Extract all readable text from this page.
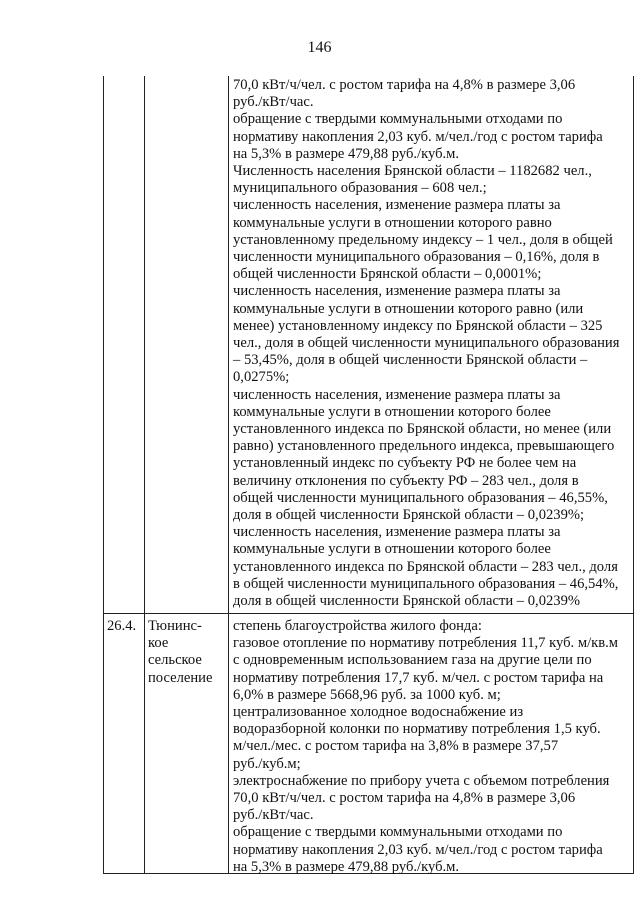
146
70,0 кВт/ч/чел. с ростом тарифа на 4,8% в размере 3,06
руб./кВт/час.
обращение с твердыми коммунальными отходами по
нормативу накопления 2,03 куб. м/чел./год с ростом тарифа
на 5,3% в размере 479,88 руб./куб.м.
Численность населения Брянской области – 1182682 чел.,
муниципального образования – 608 чел.;
численность населения, изменение размера платы за
коммунальные услуги в отношении которого равно
установленному предельному индексу – 1 чел., доля в общей
численности муниципального образования – 0,16%, доля в
общей численности Брянской области – 0,0001%;
численность населения, изменение размера платы за
коммунальные услуги в отношении которого равно (или
менее) установленному индексу по Брянской области – 325
чел., доля в общей численности муниципального образования
– 53,45%, доля в общей численности Брянской области –
0,0275%;
численность населения, изменение размера платы за
коммунальные услуги в отношении которого более
установленного индекса по Брянской области, но менее (или
равно) установленного предельного индекса, превышающего
установленный индекс по субъекту РФ не более чем на
величину отклонения по субъекту РФ – 283 чел., доля в
общей численности муниципального образования – 46,55%,
доля в общей численности Брянской области – 0,0239%;
численность населения, изменение размера платы за
коммунальные услуги в отношении которого более
установленного индекса по Брянской области – 283 чел., доля
в общей численности муниципального образования – 46,54%,
доля в общей численности Брянской области – 0,0239%
26.4. Тюнинс-
кое
сельское
поселение
степень благоустройства жилого фонда:
газовое отопление по нормативу потребления 11,7 куб. м/кв.м
с одновременным использованием газа на другие цели по
нормативу потребления 17,7 куб. м/чел. с ростом тарифа на
6,0% в размере 5668,96 руб. за 1000 куб. м;
централизованное холодное водоснабжение из
водоразборной колонки по нормативу потребления 1,5 куб.
м/чел./мес. с ростом тарифа на 3,8% в размере 37,57
руб./куб.м;
электроснабжение по прибору учета с объемом потребления
70,0 кВт/ч/чел. с ростом тарифа на 4,8% в размере 3,06
руб./кВт/час.
обращение с твердыми коммунальными отходами по
нормативу накопления 2,03 куб. м/чел./год с ростом тарифа
на 5,3% в размере 479,88 руб./куб.м.
